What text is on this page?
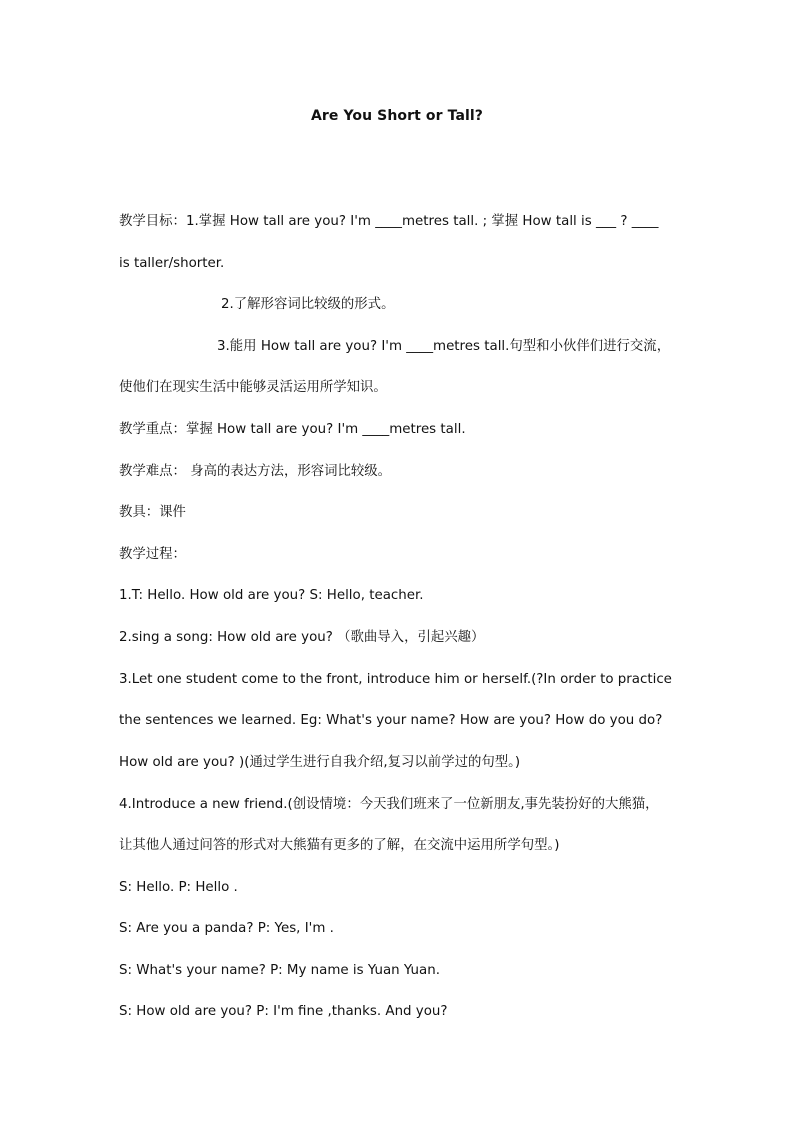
Are You Short or Tall?
教学目标：1.掌握 How tall are you? I'm ____metres tall. ; 掌握 How tall is ___ ? ____
is taller/shorter.
2.了解形容词比较级的形式。
3.能用 How tall are you? I'm ____metres tall.句型和小伙伴们进行交流，
使他们在现实生活中能够灵活运用所学知识。
教学重点：掌握 How tall are you? I'm ____metres tall.
教学难点： 身高的表达方法，形容词比较级。
教具：课件
教学过程：
1.T: Hello. How old are you? S: Hello, teacher.
2.sing a song: How old are you? （歌曲导入，引起兴趣）
3.Let one student come to the front, introduce him or herself.(?In order to practice
the sentences we learned. Eg: What's your name? How are you? How do you do?
How old are you? )(通过学生进行自我介绍,复习以前学过的句型。)
4.Introduce a new friend.(创设情境：今天我们班来了一位新朋友,事先装扮好的大熊猫，
让其他人通过问答的形式对大熊猫有更多的了解，在交流中运用所学句型。)
S: Hello. P: Hello .
S: Are you a panda? P: Yes, I'm .
S: What's your name? P: My name is Yuan Yuan.
S: How old are you? P: I'm fine ,thanks. And you?
